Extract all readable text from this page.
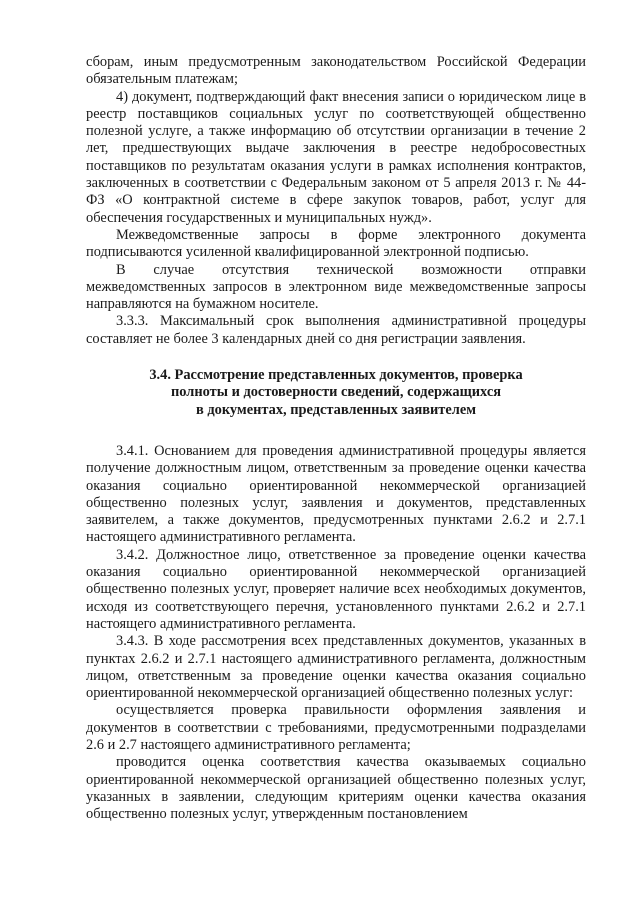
сборам, иным предусмотренным законодательством Российской Федерации обязательным платежам;

4) документ, подтверждающий факт внесения записи о юридическом лице в реестр поставщиков социальных услуг по соответствующей общественно полезной услуге, а также информацию об отсутствии организации в течение 2 лет, предшествующих выдаче заключения в реестре недобросовестных поставщиков по результатам оказания услуги в рамках исполнения контрактов, заключенных в соответствии с Федеральным законом от 5 апреля 2013 г. № 44-ФЗ «О контрактной системе в сфере закупок товаров, работ, услуг для обеспечения государственных и муниципальных нужд».

Межведомственные запросы в форме электронного документа подписываются усиленной квалифицированной электронной подписью.

В случае отсутствия технической возможности отправки межведомственных запросов в электронном виде межведомственные запросы направляются на бумажном носителе.

3.3.3. Максимальный срок выполнения административной процедуры составляет не более 3 календарных дней со дня регистрации заявления.

3.4. Рассмотрение представленных документов, проверка
полноты и достоверности сведений, содержащихся
в документах, представленных заявителем

3.4.1. Основанием для проведения административной процедуры является получение должностным лицом, ответственным за проведение оценки качества оказания социально ориентированной некоммерческой организацией общественно полезных услуг, заявления и документов, представленных заявителем, а также документов, предусмотренных пунктами 2.6.2 и 2.7.1 настоящего административного регламента.

3.4.2. Должностное лицо, ответственное за проведение оценки качества оказания социально ориентированной некоммерческой организацией общественно полезных услуг, проверяет наличие всех необходимых документов, исходя из соответствующего перечня, установленного пунктами 2.6.2 и 2.7.1 настоящего административного регламента.

3.4.3. В ходе рассмотрения всех представленных документов, указанных в пунктах 2.6.2 и 2.7.1 настоящего административного регламента, должностным лицом, ответственным за проведение оценки качества оказания социально ориентированной некоммерческой организацией общественно полезных услуг:

осуществляется проверка правильности оформления заявления и документов в соответствии с требованиями, предусмотренными подразделами 2.6 и 2.7 настоящего административного регламента;

проводится оценка соответствия качества оказываемых социально ориентированной некоммерческой организацией общественно полезных услуг, указанных в заявлении, следующим критериям оценки качества оказания общественно полезных услуг, утвержденным постановлением
